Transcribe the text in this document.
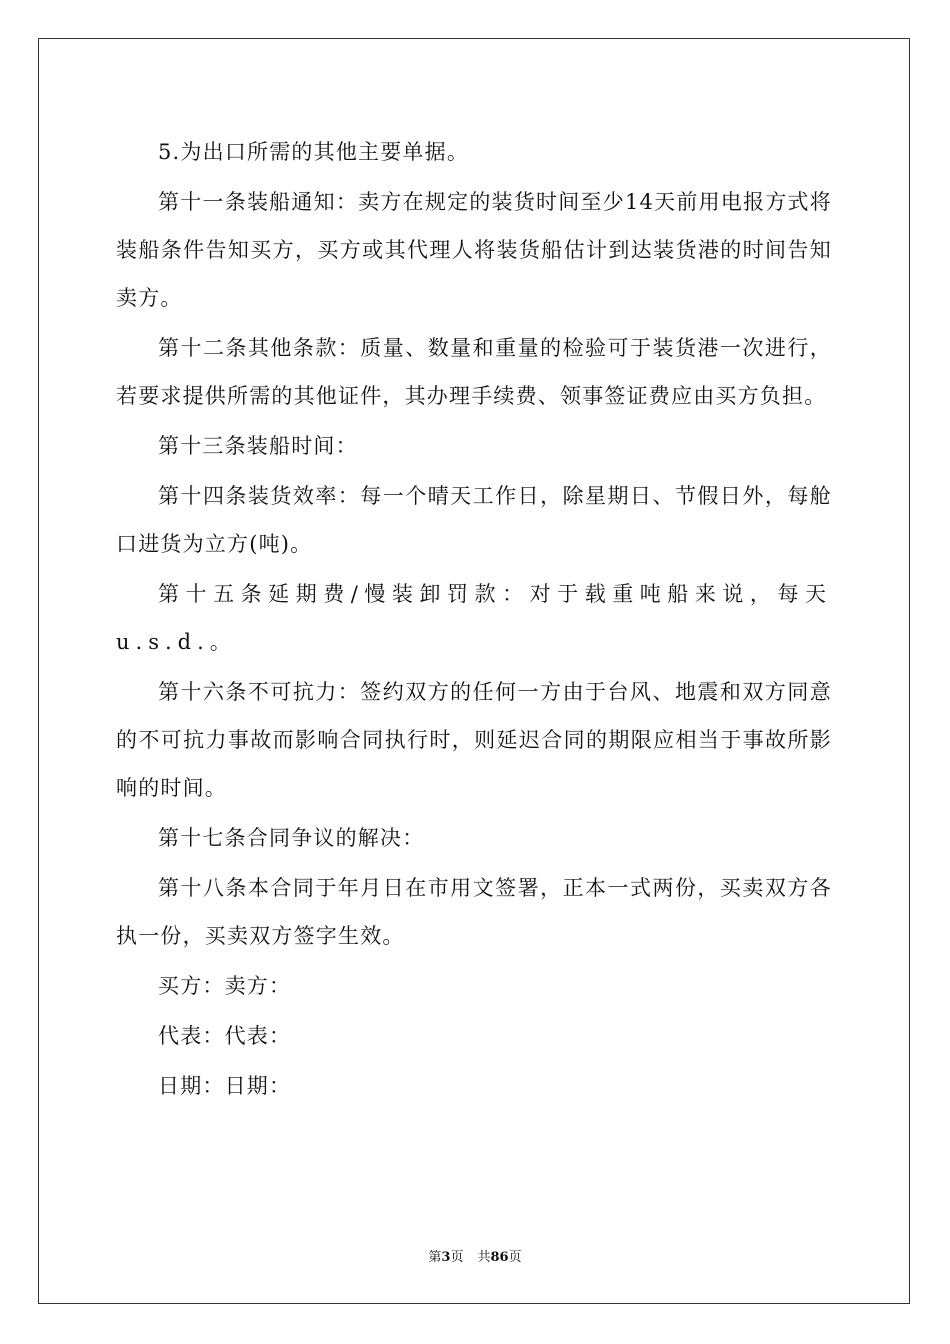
5.为出口所需的其他主要单据。

第十一条装船通知：卖方在规定的装货时间至少14天前用电报方式将装船条件告知买方，买方或其代理人将装货船估计到达装货港的时间告知卖方。

第十二条其他条款：质量、数量和重量的检验可于装货港一次进行，若要求提供所需的其他证件，其办理手续费、领事签证费应由买方负担。

第十三条装船时间：

第十四条装货效率：每一个晴天工作日，除星期日、节假日外，每舱口进货为立方(吨)。

第十五条延期费/慢装卸罚款：对于载重吨船来说，每天u.s.d.。

第十六条不可抗力：签约双方的任何一方由于台风、地震和双方同意的不可抗力事故而影响合同执行时，则延迟合同的期限应相当于事故所影响的时间。

第十七条合同争议的解决：

第十八条本合同于年月日在市用文签署，正本一式两份，买卖双方各执一份，买卖双方签字生效。

买方：卖方：

代表：代表：

日期：日期：

第3页 共86页
